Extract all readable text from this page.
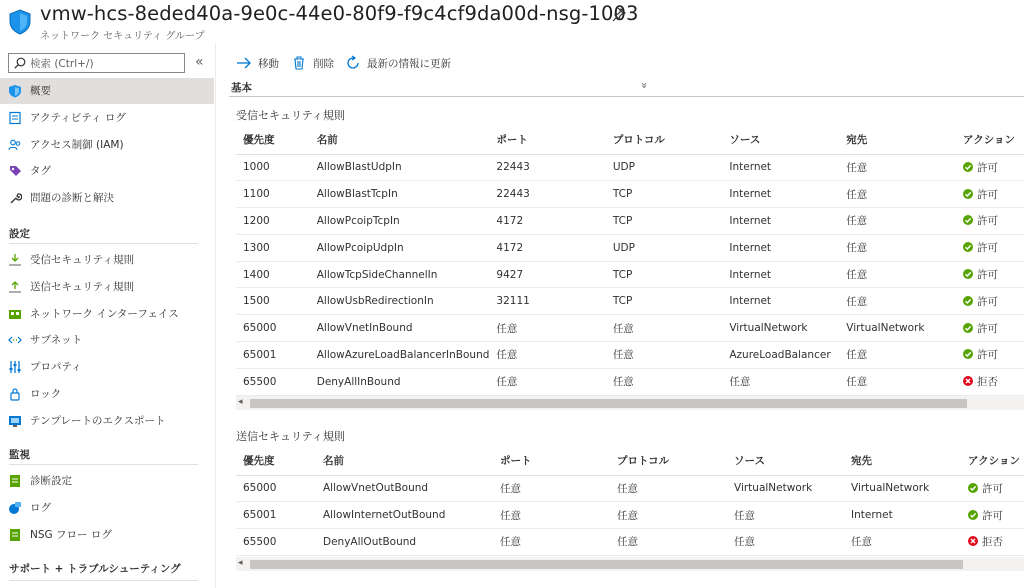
vmw-hcs-8eded40a-9e0c-44e0-80f9-f9c4cf9da00d-nsg-1003
ネットワーク セキュリティ グループ
検索 (Ctrl+/)	«
概要
アクティビティ ログ
アクセス制御 (IAM)
タグ
問題の診断と解決
設定
受信セキュリティ規則
送信セキュリティ規則
ネットワーク インターフェイス
サブネット
プロパティ
ロック
テンプレートのエクスポート
監視
診断設定
ログ
NSG フロー ログ
サポート + トラブルシューティング
移動	削除	最新の情報に更新
基本	»
受信セキュリティ規則
優先度	名前	ポート	プロトコル	ソース	宛先	アクション
1000	AllowBlastUdpIn	22443	UDP	Internet	任意	許可
1100	AllowBlastTcpIn	22443	TCP	Internet	任意	許可
1200	AllowPcoipTcpIn	4172	TCP	Internet	任意	許可
1300	AllowPcoipUdpIn	4172	UDP	Internet	任意	許可
1400	AllowTcpSideChannelIn	9427	TCP	Internet	任意	許可
1500	AllowUsbRedirectionIn	32111	TCP	Internet	任意	許可
65000	AllowVnetInBound	任意	任意	VirtualNetwork	VirtualNetwork	許可
65001	AllowAzureLoadBalancerInBound	任意	任意	AzureLoadBalancer	任意	許可
65500	DenyAllInBound	任意	任意	任意	任意	拒否
◂
送信セキュリティ規則
優先度	名前	ポート	プロトコル	ソース	宛先	アクション
65000	AllowVnetOutBound	任意	任意	VirtualNetwork	VirtualNetwork	許可
65001	AllowInternetOutBound	任意	任意	任意	Internet	許可
65500	DenyAllOutBound	任意	任意	任意	任意	拒否
◂
